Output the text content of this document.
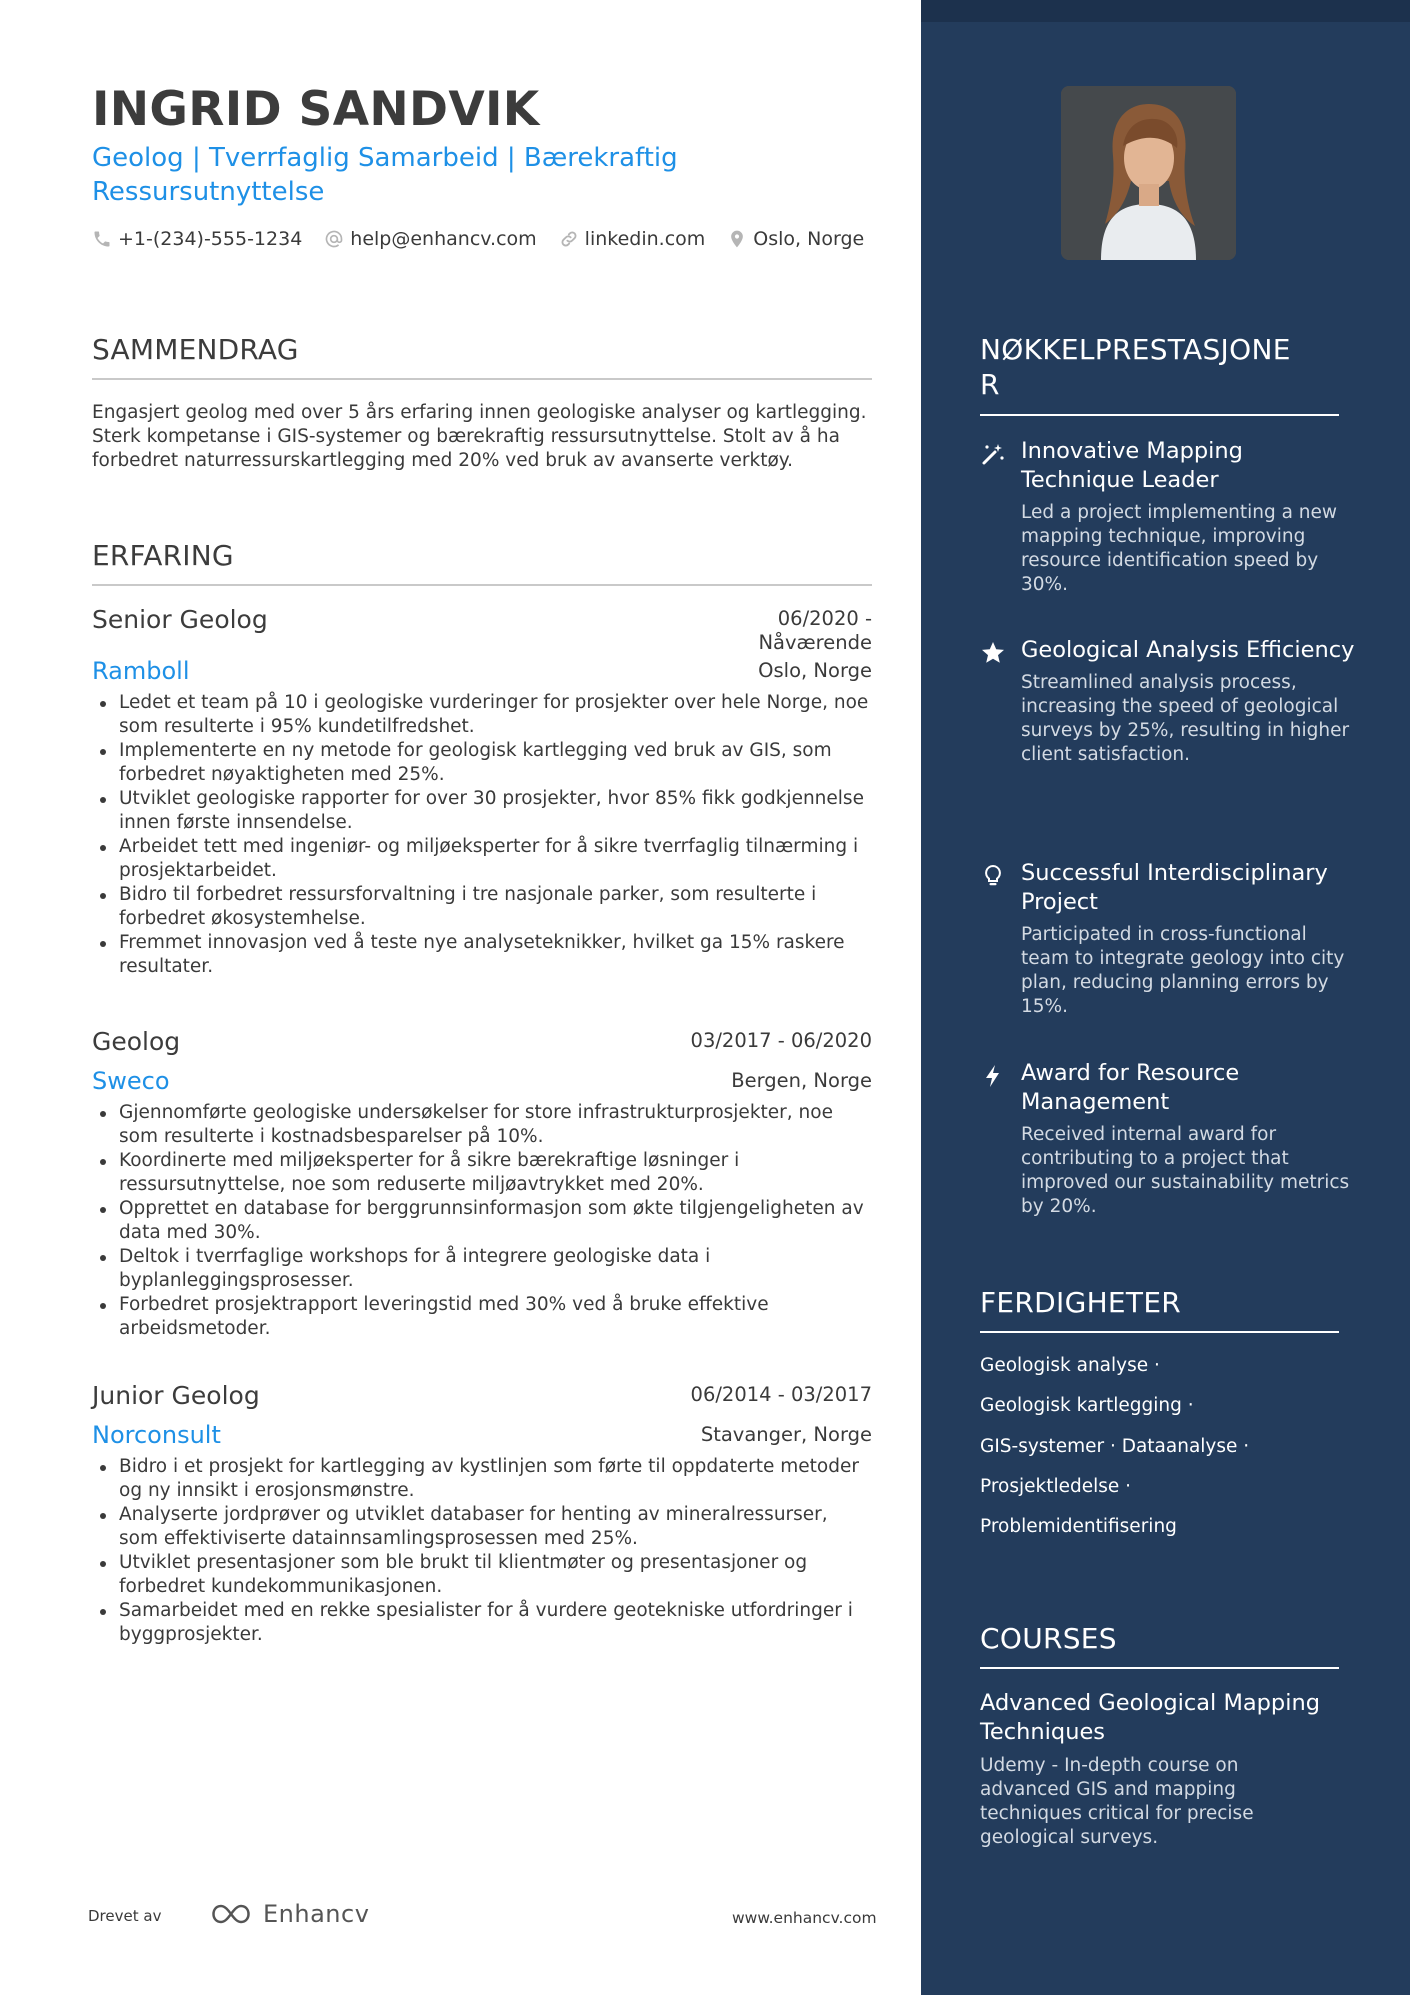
INGRID SANDVIK
Geolog | Tverrfaglig Samarbeid | Bærekraftig Ressursutnyttelse
+1-(234)-555-1234	help@enhancv.com	linkedin.com	Oslo, Norge
SAMMENDRAG
Engasjert geolog med over 5 års erfaring innen geologiske analyser og kartlegging. Sterk kompetanse i GIS-systemer og bærekraftig ressursutnyttelse. Stolt av å ha forbedret naturressurskartlegging med 20% ved bruk av avanserte verktøy.
ERFARING
Senior Geolog	06/2020 - Nåværende
Ramboll	Oslo, Norge
Ledet et team på 10 i geologiske vurderinger for prosjekter over hele Norge, noe som resulterte i 95% kundetilfredshet.
Implementerte en ny metode for geologisk kartlegging ved bruk av GIS, som forbedret nøyaktigheten med 25%.
Utviklet geologiske rapporter for over 30 prosjekter, hvor 85% fikk godkjennelse innen første innsendelse.
Arbeidet tett med ingeniør- og miljøeksperter for å sikre tverrfaglig tilnærming i prosjektarbeidet.
Bidro til forbedret ressursforvaltning i tre nasjonale parker, som resulterte i forbedret økosystemhelse.
Fremmet innovasjon ved å teste nye analyseteknikker, hvilket ga 15% raskere resultater.
Geolog	03/2017 - 06/2020
Sweco	Bergen, Norge
Gjennomførte geologiske undersøkelser for store infrastrukturprosjekter, noe som resulterte i kostnadsbesparelser på 10%.
Koordinerte med miljøeksperter for å sikre bærekraftige løsninger i ressursutnyttelse, noe som reduserte miljøavtrykket med 20%.
Opprettet en database for berggrunnsinformasjon som økte tilgjengeligheten av data med 30%.
Deltok i tverrfaglige workshops for å integrere geologiske data i byplanleggingsprosesser.
Forbedret prosjektrapport leveringstid med 30% ved å bruke effektive arbeidsmetoder.
Junior Geolog	06/2014 - 03/2017
Norconsult	Stavanger, Norge
Bidro i et prosjekt for kartlegging av kystlinjen som førte til oppdaterte metoder og ny innsikt i erosjonsmønstre.
Analyserte jordprøver og utviklet databaser for henting av mineralressurser, som effektiviserte datainnsamlingsprosessen med 25%.
Utviklet presentasjoner som ble brukt til klientmøter og presentasjoner og forbedret kundekommunikasjonen.
Samarbeidet med en rekke spesialister for å vurdere geotekniske utfordringer i byggprosjekter.
Drevet av	Enhancv	www.enhancv.com
NØKKELPRESTASJONE
R
Innovative Mapping Technique Leader
Led a project implementing a new mapping technique, improving resource identification speed by 30%.
Geological Analysis Efficiency
Streamlined analysis process, increasing the speed of geological surveys by 25%, resulting in higher client satisfaction.
Successful Interdisciplinary Project
Participated in cross-functional team to integrate geology into city plan, reducing planning errors by 15%.
Award for Resource Management
Received internal award for contributing to a project that improved our sustainability metrics by 20%.
FERDIGHETER
Geologisk analyse ·
Geologisk kartlegging ·
GIS-systemer · Dataanalyse ·
Prosjektledelse ·
Problemidentifisering
COURSES
Advanced Geological Mapping Techniques
Udemy - In-depth course on advanced GIS and mapping techniques critical for precise geological surveys.
